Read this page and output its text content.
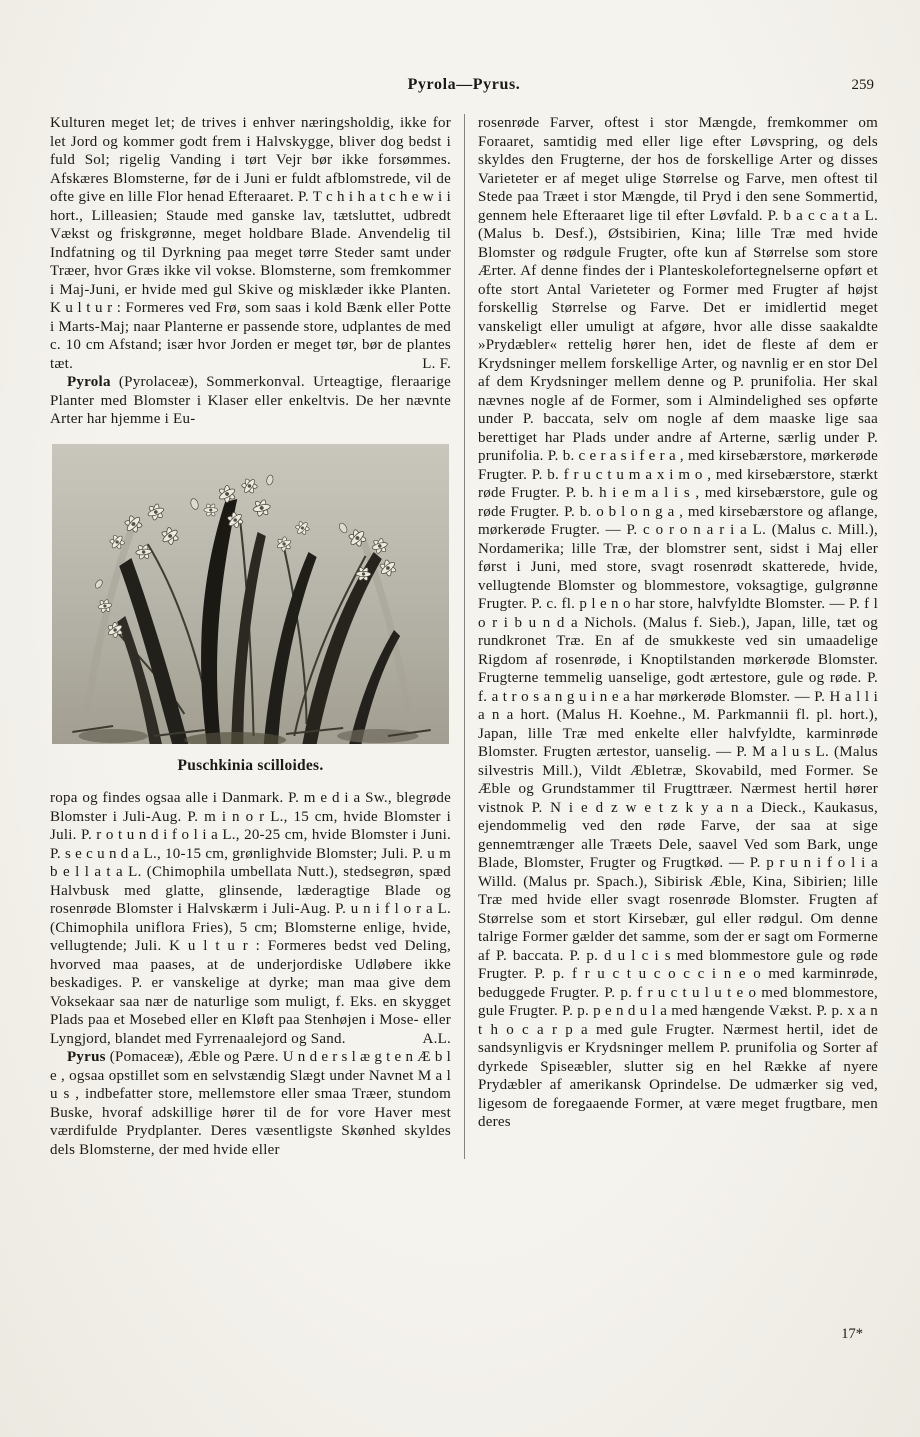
Pyrola—Pyrus.	259

Kulturen meget let; de trives i enhver næringsholdig, ikke for let Jord og kommer godt frem i Halvskygge, bliver dog bedst i fuld Sol; rigelig Vanding i tørt Vejr bør ikke forsømmes. Afskæres Blomsterne, før de i Juni er fuldt afblomstrede, vil de ofte give en lille Flor henad Efteraaret. P. T c h i h a t c h e w i i hort., Lilleasien; Staude med ganske lav, tætsluttet, udbredt Vækst og friskgrønne, meget holdbare Blade. Anvendelig til Indfatning og til Dyrkning paa meget tørre Steder samt under Træer, hvor Græs ikke vil vokse. Blomsterne, som fremkommer i Maj-Juni, er hvide med gul Skive og misklæder ikke Planten. K u l t u r : Formeres ved Frø, som saas i kold Bænk eller Potte i Marts-Maj; naar Planterne er passende store, udplantes de med c. 10 cm Afstand; især hvor Jorden er meget tør, bør de plantes tæt.	L. F.

Pyrola (Pyrolaceæ), Sommerkonval. Urteagtige, fleraarige Planter med Blomster i Klaser eller enkeltvis. De her nævnte Arter har hjemme i Eu-

Puschkinia scilloides.

ropa og findes ogsaa alle i Danmark. P. m e d i a Sw., blegrøde Blomster i Juli-Aug. P. m i n o r L., 15 cm, hvide Blomster i Juli. P. r o t u n d i f o l i a L., 20-25 cm, hvide Blomster i Juni. P. s e c u n d a L., 10-15 cm, grønlighvide Blomster; Juli. P. u m b e l l a t a L. (Chimophila umbellata Nutt.), stedsegrøn, spæd Halvbusk med glatte, glinsende, læderagtige Blade og rosenrøde Blomster i Halvskærm i Juli-Aug. P. u n i f l o r a L. (Chimophila uniflora Fries), 5 cm; Blomsterne enlige, hvide, vellugtende; Juli. K u l t u r : Formeres bedst ved Deling, hvorved maa paases, at de underjordiske Udløbere ikke beskadiges. P. er vanskelige at dyrke; man maa give dem Voksekaar saa nær de naturlige som muligt, f. Eks. en skygget Plads paa et Mosebed eller en Kløft paa Stenhøjen i Mose- eller Lyngjord, blandet med Fyrrenaalejord og Sand.	A.L.

Pyrus (Pomaceæ), Æble og Pære. U n d e r s l æ g t e n Æ b l e , ogsaa opstillet som en selvstændig Slægt under Navnet M a l u s , indbefatter store, mellemstore eller smaa Træer, stundom Buske, hvoraf adskillige hører til de for vore Haver mest værdifulde Prydplanter. Deres væsentligste Skønhed skyldes dels Blomsterne, der med hvide eller

rosenrøde Farver, oftest i stor Mængde, fremkommer om Foraaret, samtidig med eller lige efter Løvspring, og dels skyldes den Frugterne, der hos de forskellige Arter og disses Varieteter er af meget ulige Størrelse og Farve, men oftest til Stede paa Træet i stor Mængde, til Pryd i den sene Sommertid, gennem hele Efteraaret lige til efter Løvfald. P. b a c c a t a L. (Malus b. Desf.), Østsibirien, Kina; lille Træ med hvide Blomster og rødgule Frugter, ofte kun af Størrelse som store Ærter. Af denne findes der i Planteskolefortegnelserne opført et ofte stort Antal Varieteter og Former med Frugter af højst forskellig Størrelse og Farve. Det er imidlertid meget vanskeligt eller umuligt at afgøre, hvor alle disse saakaldte »Prydæbler« rettelig hører hen, idet de fleste af dem er Krydsninger mellem forskellige Arter, og navnlig er en stor Del af dem Krydsninger mellem denne og P. prunifolia. Her skal nævnes nogle af de Former, som i Almindelighed ses opførte under P. baccata, selv om nogle af dem maaske lige saa berettiget har Plads under andre af Arterne, særlig under P. prunifolia. P. b. c e r a s i f e r a , med kirsebærstore, mørkerøde Frugter. P. b. f r u c t u m a x i m o , med kirsebærstore, stærkt røde Frugter. P. b. h i e m a l i s , med kirsebærstore, gule og røde Frugter. P. b. o b l o n g a , med kirsebærstore og aflange, mørkerøde Frugter. — P. c o r o n a r i a L. (Malus c. Mill.), Nordamerika; lille Træ, der blomstrer sent, sidst i Maj eller først i Juni, med store, svagt rosenrødt skatterede, hvide, vellugtende Blomster og blommestore, voksagtige, gulgrønne Frugter. P. c. fl. p l e n o har store, halvfyldte Blomster. — P. f l o r i b u n d a Nichols. (Malus f. Sieb.), Japan, lille, tæt og rundkronet Træ. En af de smukkeste ved sin umaadelige Rigdom af rosenrøde, i Knoptilstanden mørkerøde Blomster. Frugterne temmelig uanselige, godt ærtestore, gule og røde. P. f. a t r o s a n g u i n e a har mørkerøde Blomster. — P. H a l l i a n a hort. (Malus H. Koehne., M. Parkmannii fl. pl. hort.), Japan, lille Træ med enkelte eller halvfyldte, karminrøde Blomster. Frugten ærtestor, uanselig. — P. M a l u s L. (Malus silvestris Mill.), Vildt Æbletræ, Skovabild, med Former. Se Æble og Grundstammer til Frugttræer. Nærmest hertil hører vistnok P. N i e d z w e t z k y a n a Dieck., Kaukasus, ejendommelig ved den røde Farve, der saa at sige gennemtrænger alle Træets Dele, saavel Ved som Bark, unge Blade, Blomster, Frugter og Frugtkød. — P. p r u n i f o l i a Willd. (Malus pr. Spach.), Sibirisk Æble, Kina, Sibirien; lille Træ med hvide eller svagt rosenrøde Blomster. Frugten af Størrelse som et stort Kirsebær, gul eller rødgul. Om denne talrige Former gælder det samme, som der er sagt om Formerne af P. baccata. P. p. d u l c i s med blommestore gule og røde Frugter. P. p. f r u c t u c o c c i n e o med karminrøde, beduggede Frugter. P. p. f r u c t u l u t e o med blommestore, gule Frugter. P. p. p e n d u l a med hængende Vækst. P. p. x a n t h o c a r p a med gule Frugter. Nærmest hertil, idet de sandsynligvis er Krydsninger mellem P. prunifolia og Sorter af dyrkede Spiseæbler, slutter sig en hel Række af nyere Prydæbler af amerikansk Oprindelse. De udmærker sig ved, ligesom de foregaaende Former, at være meget frugtbare, men deres

17*
